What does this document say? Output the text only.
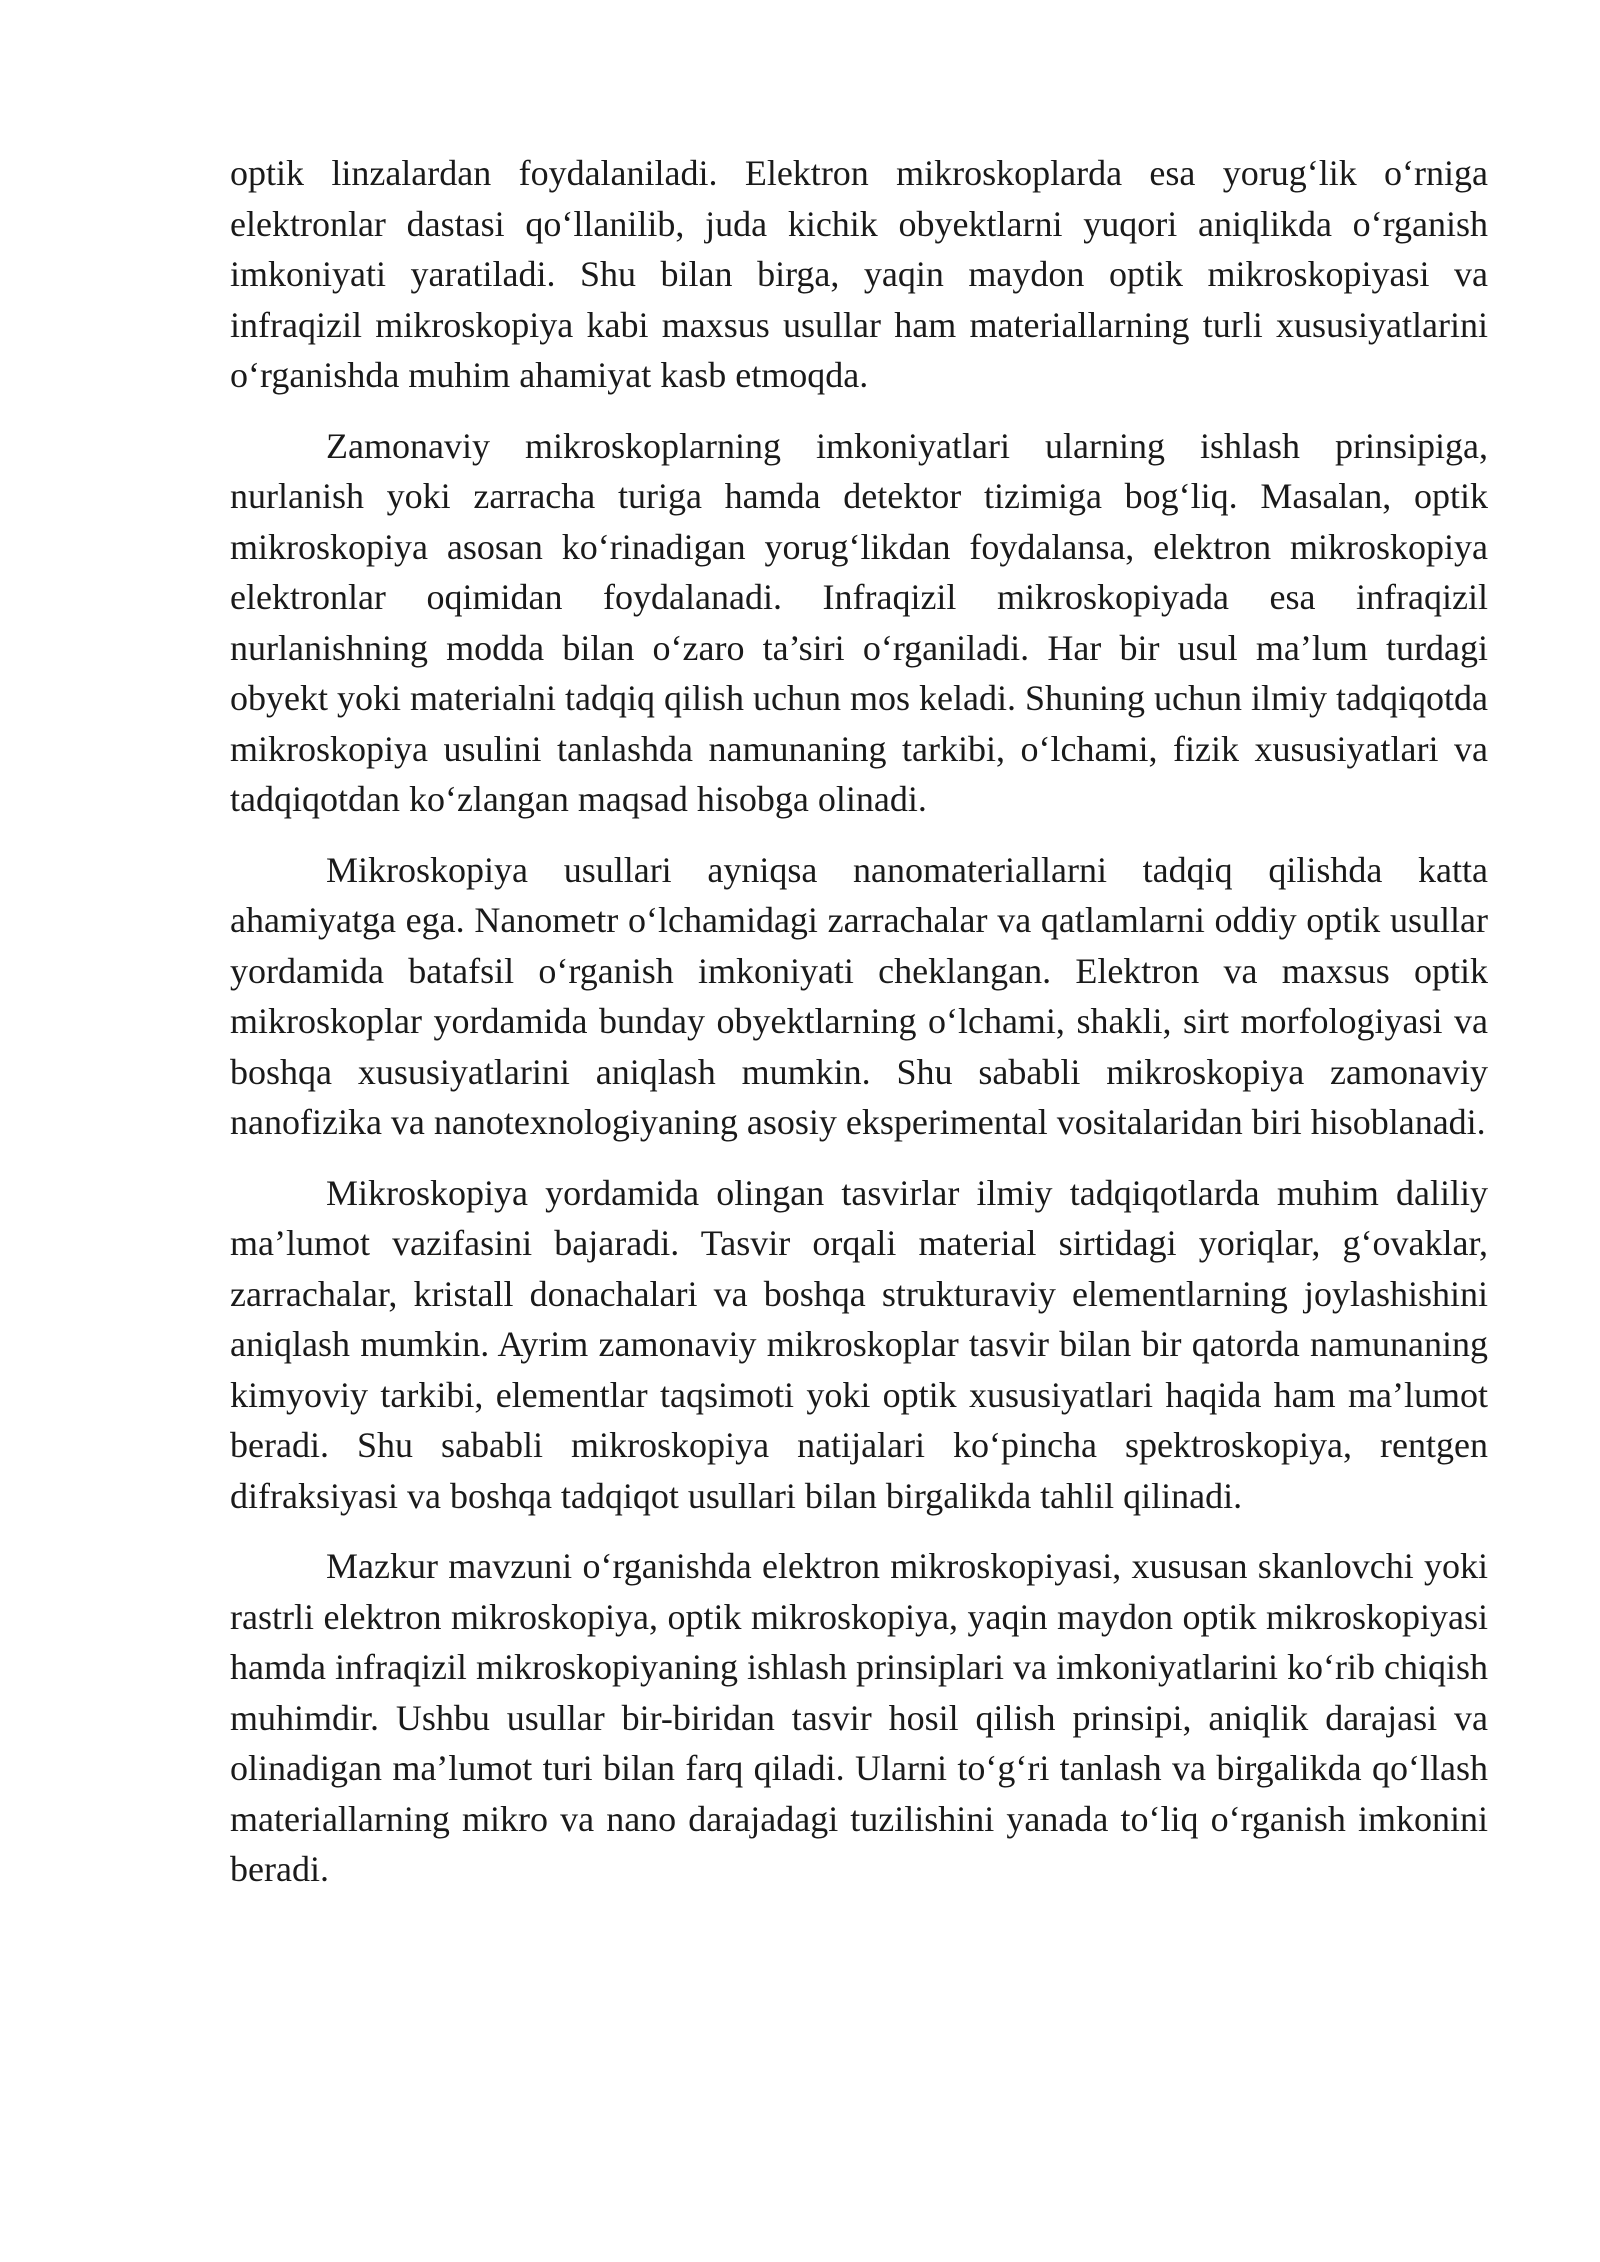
optik linzalardan foydalaniladi. Elektron mikroskoplarda esa yorug‘lik o‘rniga elektronlar dastasi qo‘llanilib, juda kichik obyektlarni yuqori aniqlikda o‘rganish imkoniyati yaratiladi. Shu bilan birga, yaqin maydon optik mikroskopiyasi va infraqizil mikroskopiya kabi maxsus usullar ham materiallarning turli xususiyatlarini o‘rganishda muhim ahamiyat kasb etmoqda.

Zamonaviy mikroskoplarning imkoniyatlari ularning ishlash prinsipiga, nurlanish yoki zarracha turiga hamda detektor tizimiga bog‘liq. Masalan, optik mikroskopiya asosan ko‘rinadigan yorug‘likdan foydalansa, elektron mikroskopiya elektronlar oqimidan foydalanadi. Infraqizil mikroskopiyada esa infraqizil nurlanishning modda bilan o‘zaro ta’siri o‘rganiladi. Har bir usul ma’lum turdagi obyekt yoki materialni tadqiq qilish uchun mos keladi. Shuning uchun ilmiy tadqiqotda mikroskopiya usulini tanlashda namunaning tarkibi, o‘lchami, fizik xususiyatlari va tadqiqotdan ko‘zlangan maqsad hisobga olinadi.

Mikroskopiya usullari ayniqsa nanomateriallarni tadqiq qilishda katta ahamiyatga ega. Nanometr o‘lchamidagi zarrachalar va qatlamlarni oddiy optik usullar yordamida batafsil o‘rganish imkoniyati cheklangan. Elektron va maxsus optik mikroskoplar yordamida bunday obyektlarning o‘lchami, shakli, sirt morfologiyasi va boshqa xususiyatlarini aniqlash mumkin. Shu sababli mikroskopiya zamonaviy nanofizika va nanotexnologiyaning asosiy eksperimental vositalaridan biri hisoblanadi.

Mikroskopiya yordamida olingan tasvirlar ilmiy tadqiqotlarda muhim daliliy ma’lumot vazifasini bajaradi. Tasvir orqali material sirtidagi yoriqlar, g‘ovaklar, zarrachalar, kristall donachalari va boshqa strukturaviy elementlarning joylashishini aniqlash mumkin. Ayrim zamonaviy mikroskoplar tasvir bilan bir qatorda namunaning kimyoviy tarkibi, elementlar taqsimoti yoki optik xususiyatlari haqida ham ma’lumot beradi. Shu sababli mikroskopiya natijalari ko‘pincha spektroskopiya, rentgen difraksiyasi va boshqa tadqiqot usullari bilan birgalikda tahlil qilinadi.

Mazkur mavzuni o‘rganishda elektron mikroskopiyasi, xususan skanlovchi yoki rastrli elektron mikroskopiya, optik mikroskopiya, yaqin maydon optik mikroskopiyasi hamda infraqizil mikroskopiyaning ishlash prinsiplari va imkoniyatlarini ko‘rib chiqish muhimdir. Ushbu usullar bir-biridan tasvir hosil qilish prinsipi, aniqlik darajasi va olinadigan ma’lumot turi bilan farq qiladi. Ularni to‘g‘ri tanlash va birgalikda qo‘llash materiallarning mikro va nano darajadagi tuzilishini yanada to‘liq o‘rganish imkonini beradi.
